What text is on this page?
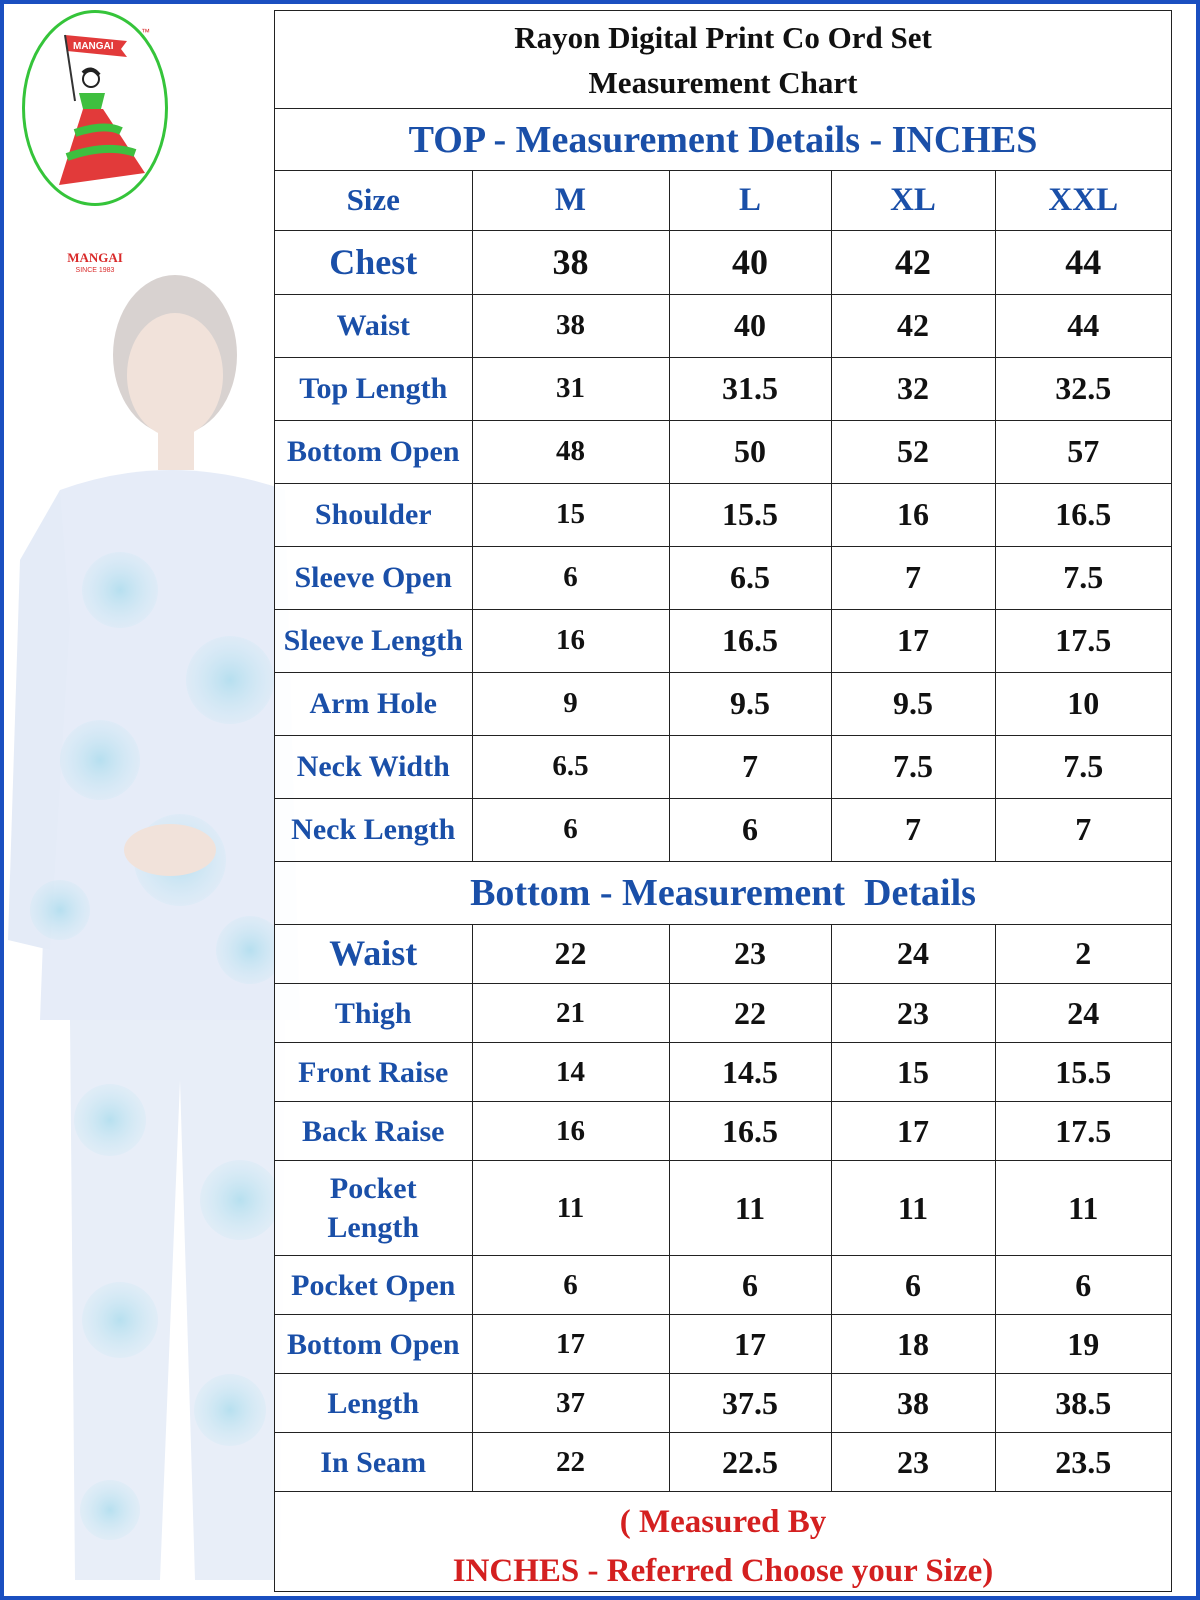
MANGAI
™
MANGAI
SINCE 1983
Rayon Digital Print Co Ord Set
Measurement Chart
TOP - Measurement Details - INCHES
Size	M	L	XL	XXL
Chest	38	40	42	44
Waist	38	40	42	44
Top Length	31	31.5	32	32.5
Bottom Open	48	50	52	57
Shoulder	15	15.5	16	16.5
Sleeve Open	6	6.5	7	7.5
Sleeve Length	16	16.5	17	17.5
Arm Hole	9	9.5	9.5	10
Neck Width	6.5	7	7.5	7.5
Neck Length	6	6	7	7
Bottom - Measurement  Details
Waist	22	23	24	2
Thigh	21	22	23	24
Front Raise	14	14.5	15	15.5
Back Raise	16	16.5	17	17.5
Pocket Length	11	11	11	11
Pocket Open	6	6	6	6
Bottom Open	17	17	18	19
Length	37	37.5	38	38.5
In Seam	22	22.5	23	23.5
( Measured By
INCHES - Referred Choose your Size)
